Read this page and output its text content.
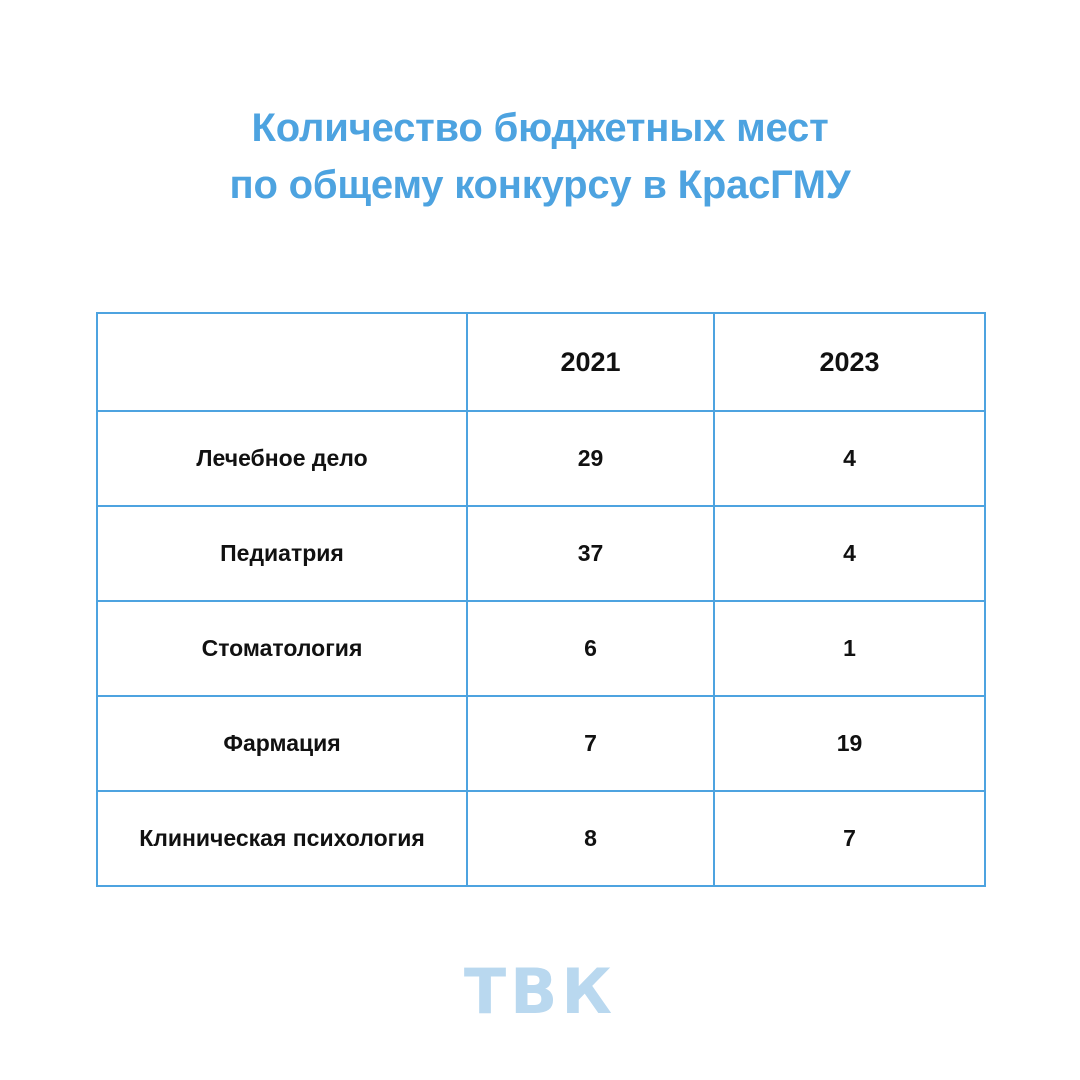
Количество бюджетных мест
по общему конкурсу в КрасГМУ
	2021	2023
Лечебное дело	29	4
Педиатрия	37	4
Стоматология	6	1
Фармация	7	19
Клиническая психология	8	7
ТВК
